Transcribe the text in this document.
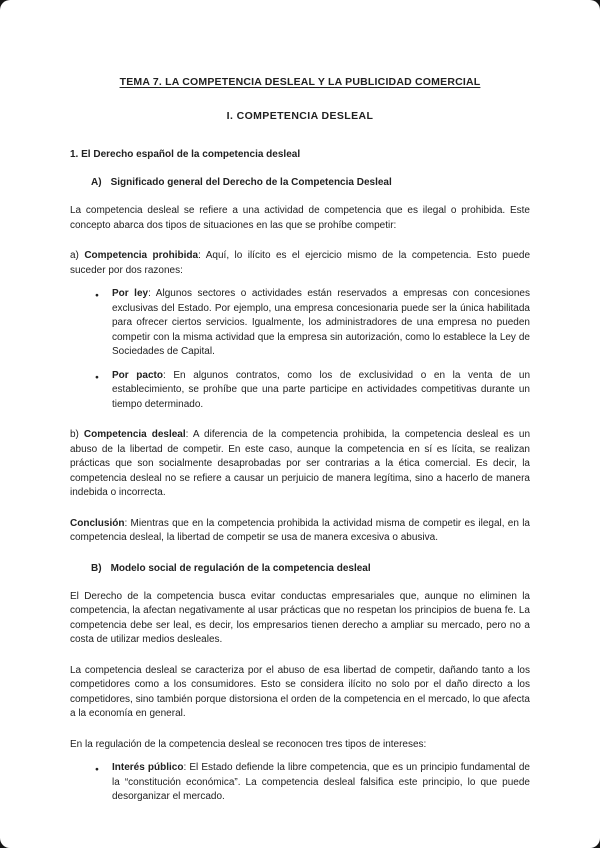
TEMA 7. LA COMPETENCIA DESLEAL Y LA PUBLICIDAD COMERCIAL
I. COMPETENCIA DESLEAL
1. El Derecho español de la competencia desleal
A) Significado general del Derecho de la Competencia Desleal

La competencia desleal se refiere a una actividad de competencia que es ilegal o prohibida. Este concepto abarca dos tipos de situaciones en las que se prohíbe competir:

a) Competencia prohibida: Aquí, lo ilícito es el ejercicio mismo de la competencia. Esto puede suceder por dos razones:

● Por ley: Algunos sectores o actividades están reservados a empresas con concesiones exclusivas del Estado. Por ejemplo, una empresa concesionaria puede ser la única habilitada para ofrecer ciertos servicios. Igualmente, los administradores de una empresa no pueden competir con la misma actividad que la empresa sin autorización, como lo establece la Ley de Sociedades de Capital.
● Por pacto: En algunos contratos, como los de exclusividad o en la venta de un establecimiento, se prohíbe que una parte participe en actividades competitivas durante un tiempo determinado.

b) Competencia desleal: A diferencia de la competencia prohibida, la competencia desleal es un abuso de la libertad de competir. En este caso, aunque la competencia en sí es lícita, se realizan prácticas que son socialmente desaprobadas por ser contrarias a la ética comercial. Es decir, la competencia desleal no se refiere a causar un perjuicio de manera legítima, sino a hacerlo de manera indebida o incorrecta.

Conclusión: Mientras que en la competencia prohibida la actividad misma de competir es ilegal, en la competencia desleal, la libertad de competir se usa de manera excesiva o abusiva.

B) Modelo social de regulación de la competencia desleal

El Derecho de la competencia busca evitar conductas empresariales que, aunque no eliminen la competencia, la afectan negativamente al usar prácticas que no respetan los principios de buena fe. La competencia debe ser leal, es decir, los empresarios tienen derecho a ampliar su mercado, pero no a costa de utilizar medios desleales.

La competencia desleal se caracteriza por el abuso de esa libertad de competir, dañando tanto a los competidores como a los consumidores. Esto se considera ilícito no solo por el daño directo a los competidores, sino también porque distorsiona el orden de la competencia en el mercado, lo que afecta a la economía en general.

En la regulación de la competencia desleal se reconocen tres tipos de intereses:

● Interés público: El Estado defiende la libre competencia, que es un principio fundamental de la “constitución económica”. La competencia desleal falsifica este principio, lo que puede desorganizar el mercado.
